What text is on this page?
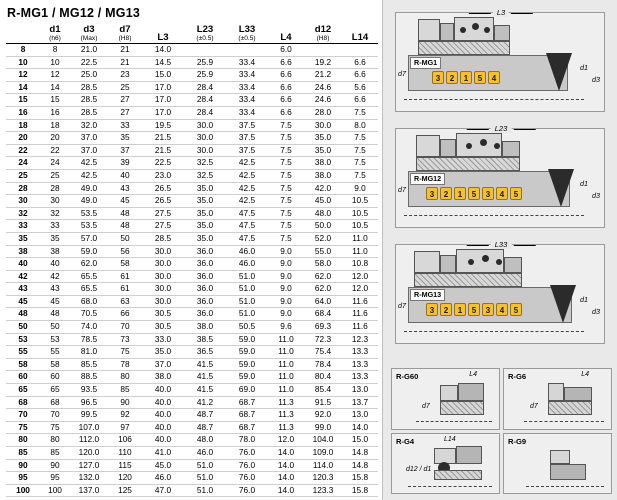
R-MG1 / MG12 / MG13

d1
(h6)

d3
(Max)

d7
(H8)	L3

L23
(±0.5)

L33
(±0.5)	L4

d12
(H8)	L14

8	8	21.0	21	14.0			6.0		
10	10	22.5	21	14.5	25.9	33.4	6.6	19.2	6.6
12	12	25.0	23	15.0	25.9	33.4	6.6	21.2	6.6
14	14	28.5	25	17.0	28.4	33.4	6.6	24.6	5.6
15	15	28.5	27	17.0	28.4	33.4	6.6	24.6	6.6
16	16	28.5	27	17.0	28.4	33.4	6.6	28.0	7.5
18	18	32.0	33	19.5	30.0	37.5	7.5	30.0	8.0
20	20	37.0	35	21.5	30.0	37.5	7.5	35.0	7.5
22	22	37.0	37	21.5	30.0	37.5	7.5	35.0	7.5
24	24	42.5	39	22.5	32.5	42.5	7.5	38.0	7.5
25	25	42.5	40	23.0	32.5	42.5	7.5	38.0	7.5
28	28	49.0	43	26.5	35.0	42.5	7.5	42.0	9.0
30	30	49.0	45	26.5	35.0	42.5	7.5	45.0	10.5
32	32	53.5	48	27.5	35.0	47.5	7.5	48.0	10.5
33	33	53.5	48	27.5	35.0	47.5	7.5	50.0	10.5
35	35	57.0	50	28.5	35.0	47.5	7.5	52.0	11.0
38	38	59.0	56	30.0	36.0	46.0	9.0	55.0	11.0
40	40	62.0	58	30.0	36.0	46.0	9.0	58.0	10.8
42	42	65.5	61	30.0	36.0	51.0	9.0	62.0	12.0
43	43	65.5	61	30.0	36.0	51.0	9.0	62.0	12.0
45	45	68.0	63	30.0	36.0	51.0	9.0	64.0	11.6
48	48	70.5	66	30.5	36.0	51.0	9.0	68.4	11.6
50	50	74.0	70	30.5	38.0	50.5	9.6	69.3	11.6
53	53	78.5	73	33.0	38.5	59.0	11.0	72.3	12.3
55	55	81.0	75	35.0	36.5	59.0	11.0	75.4	13.3
58	58	85.5	78	37.0	41.5	59.0	11.0	78.4	13.3
60	60	88.5	80	38.0	41.5	59.0	11.0	80.4	13.3
65	65	93.5	85	40.0	41.5	69.0	11.0	85.4	13.0
68	68	96.5	90	40.0	41.2	68.7	11.3	91.5	13.7
70	70	99.5	92	40.0	48.7	68.7	11.3	92.0	13.0
75	75	107.0	97	40.0	48.7	68.7	11.3	99.0	14.0
80	80	112.0	106	40.0	48.0	78.0	12.0	104.0	15.0
85	85	120.0	110	41.0	46.0	76.0	14.0	109.0	14.8
90	90	127.0	115	45.0	51.0	76.0	14.0	114.0	14.8
95	95	132.0	120	46.0	51.0	76.0	14.0	120.3	15.8
100	100	137.0	125	47.0	51.0	76.0	14.0	123.3	15.8
L3
R-MG1
3	2	1	5	4
d7
d1
d3
L23
R-MG12
3	2	1	5	3	4	5
d7
d1
d3
L33
R-MG13
3	2	1	5	3	4	5
d7
d1
d3
R-G60	L4
d7
R-G6	L4
d7
R-G4	L14
d12 / d1
R-G9
